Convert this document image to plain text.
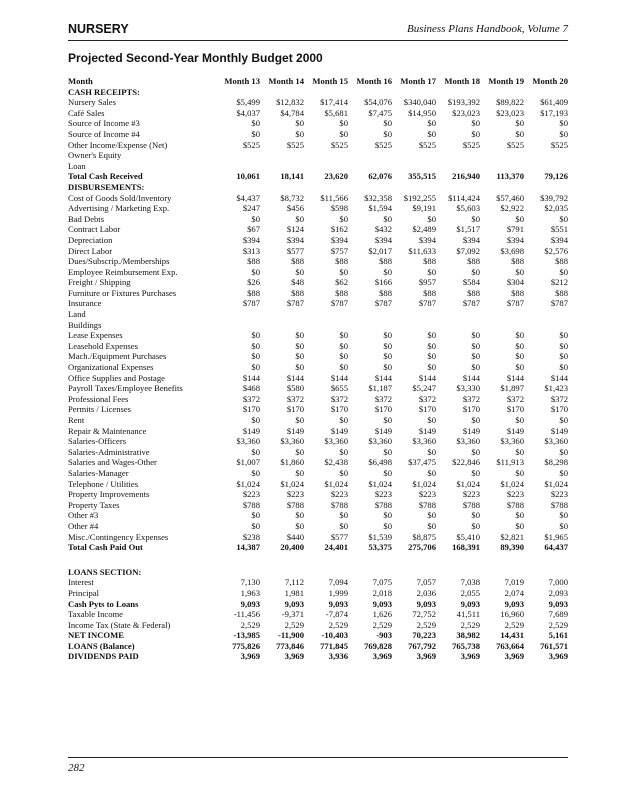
NURSERY	Business Plans Handbook, Volume 7
Projected Second-Year Monthly Budget 2000
Month	Month 13	Month 14	Month 15	Month 16	Month 17	Month 18	Month 19	Month 20
CASH RECEIPTS:								
Nursery Sales	$5,499	$12,832	$17,414	$54,076	$340,040	$193,392	$89,822	$61,409
Café Sales	$4,037	$4,784	$5,681	$7,475	$14,950	$23,023	$23,023	$17,193
Source of Income #3	$0	$0	$0	$0	$0	$0	$0	$0
Source of Income #4	$0	$0	$0	$0	$0	$0	$0	$0
Other Income/Expense (Net)	$525	$525	$525	$525	$525	$525	$525	$525
Owner's Equity								
Loan								
Total Cash Received	10,061	18,141	23,620	62,076	355,515	216,940	113,370	79,126
DISBURSEMENTS:								
Cost of Goods Sold/Inventory	$4,437	$8,732	$11,566	$32,358	$192,255	$114,424	$57,460	$39,792
Advertising / Marketing Exp.	$247	$456	$598	$1,594	$9,191	$5,603	$2,922	$2,035
Bad Debts	$0	$0	$0	$0	$0	$0	$0	$0
Contract Labor	$67	$124	$162	$432	$2,489	$1,517	$791	$551
Depreciation	$394	$394	$394	$394	$394	$394	$394	$394
Direct Labor	$313	$577	$757	$2,017	$11,633	$7,092	$3,698	$2,576
Dues/Subscrip./Memberships	$88	$88	$88	$88	$88	$88	$88	$88
Employee Reimbursement Exp.	$0	$0	$0	$0	$0	$0	$0	$0
Freight / Shipping	$26	$48	$62	$166	$957	$584	$304	$212
Furniture or Fixtures Purchases	$88	$88	$88	$88	$88	$88	$88	$88
Insurance	$787	$787	$787	$787	$787	$787	$787	$787
Land								
Buildings								
Lease Expenses	$0	$0	$0	$0	$0	$0	$0	$0
Leasehold Expenses	$0	$0	$0	$0	$0	$0	$0	$0
Mach./Equipment Purchases	$0	$0	$0	$0	$0	$0	$0	$0
Organizational Expenses	$0	$0	$0	$0	$0	$0	$0	$0
Office Supplies and Postage	$144	$144	$144	$144	$144	$144	$144	$144
Payroll Taxes/Employee Benefits	$468	$580	$655	$1,187	$5,247	$3,330	$1,897	$1,423
Professional Fees	$372	$372	$372	$372	$372	$372	$372	$372
Permits / Licenses	$170	$170	$170	$170	$170	$170	$170	$170
Rent	$0	$0	$0	$0	$0	$0	$0	$0
Repair & Maintenance	$149	$149	$149	$149	$149	$149	$149	$149
Salaries-Officers	$3,360	$3,360	$3,360	$3,360	$3,360	$3,360	$3,360	$3,360
Salaries-Administrative	$0	$0	$0	$0	$0	$0	$0	$0
Salaries and Wages-Other	$1,007	$1,860	$2,438	$6,498	$37,475	$22,846	$11,913	$8,298
Salaries-Manager	$0	$0	$0	$0	$0	$0	$0	$0
Telephone / Utilities	$1,024	$1,024	$1,024	$1,024	$1,024	$1,024	$1,024	$1,024
Property Improvements	$223	$223	$223	$223	$223	$223	$223	$223
Property Taxes	$788	$788	$788	$788	$788	$788	$788	$788
Other #3	$0	$0	$0	$0	$0	$0	$0	$0
Other #4	$0	$0	$0	$0	$0	$0	$0	$0
Misc./Contingency Expenses	$238	$440	$577	$1,539	$8,875	$5,410	$2,821	$1,965
Total Cash Paid Out	14,387	20,400	24,401	53,375	275,706	168,391	89,390	64,437

LOANS SECTION:								
Interest	7,130	7,112	7,094	7,075	7,057	7,038	7,019	7,000
Principal	1,963	1,981	1,999	2,018	2,036	2,055	2,074	2,093
Cash Pyts to Loans	9,093	9,093	9,093	9,093	9,093	9,093	9,093	9,093
Taxable Income	-11,456	-9,371	-7,874	1,626	72,752	41,511	16,960	7,689
Income Tax (State & Federal)	2,529	2,529	2,529	2,529	2,529	2,529	2,529	2,529
NET INCOME	-13,985	-11,900	-10,403	-903	70,223	38,982	14,431	5,161
LOANS (Balance)	775,826	773,846	771,845	769,828	767,792	765,738	763,664	761,571
DIVIDENDS PAID	3,969	3,969	3,936	3,969	3,969	3,969	3,969	3,969
282
